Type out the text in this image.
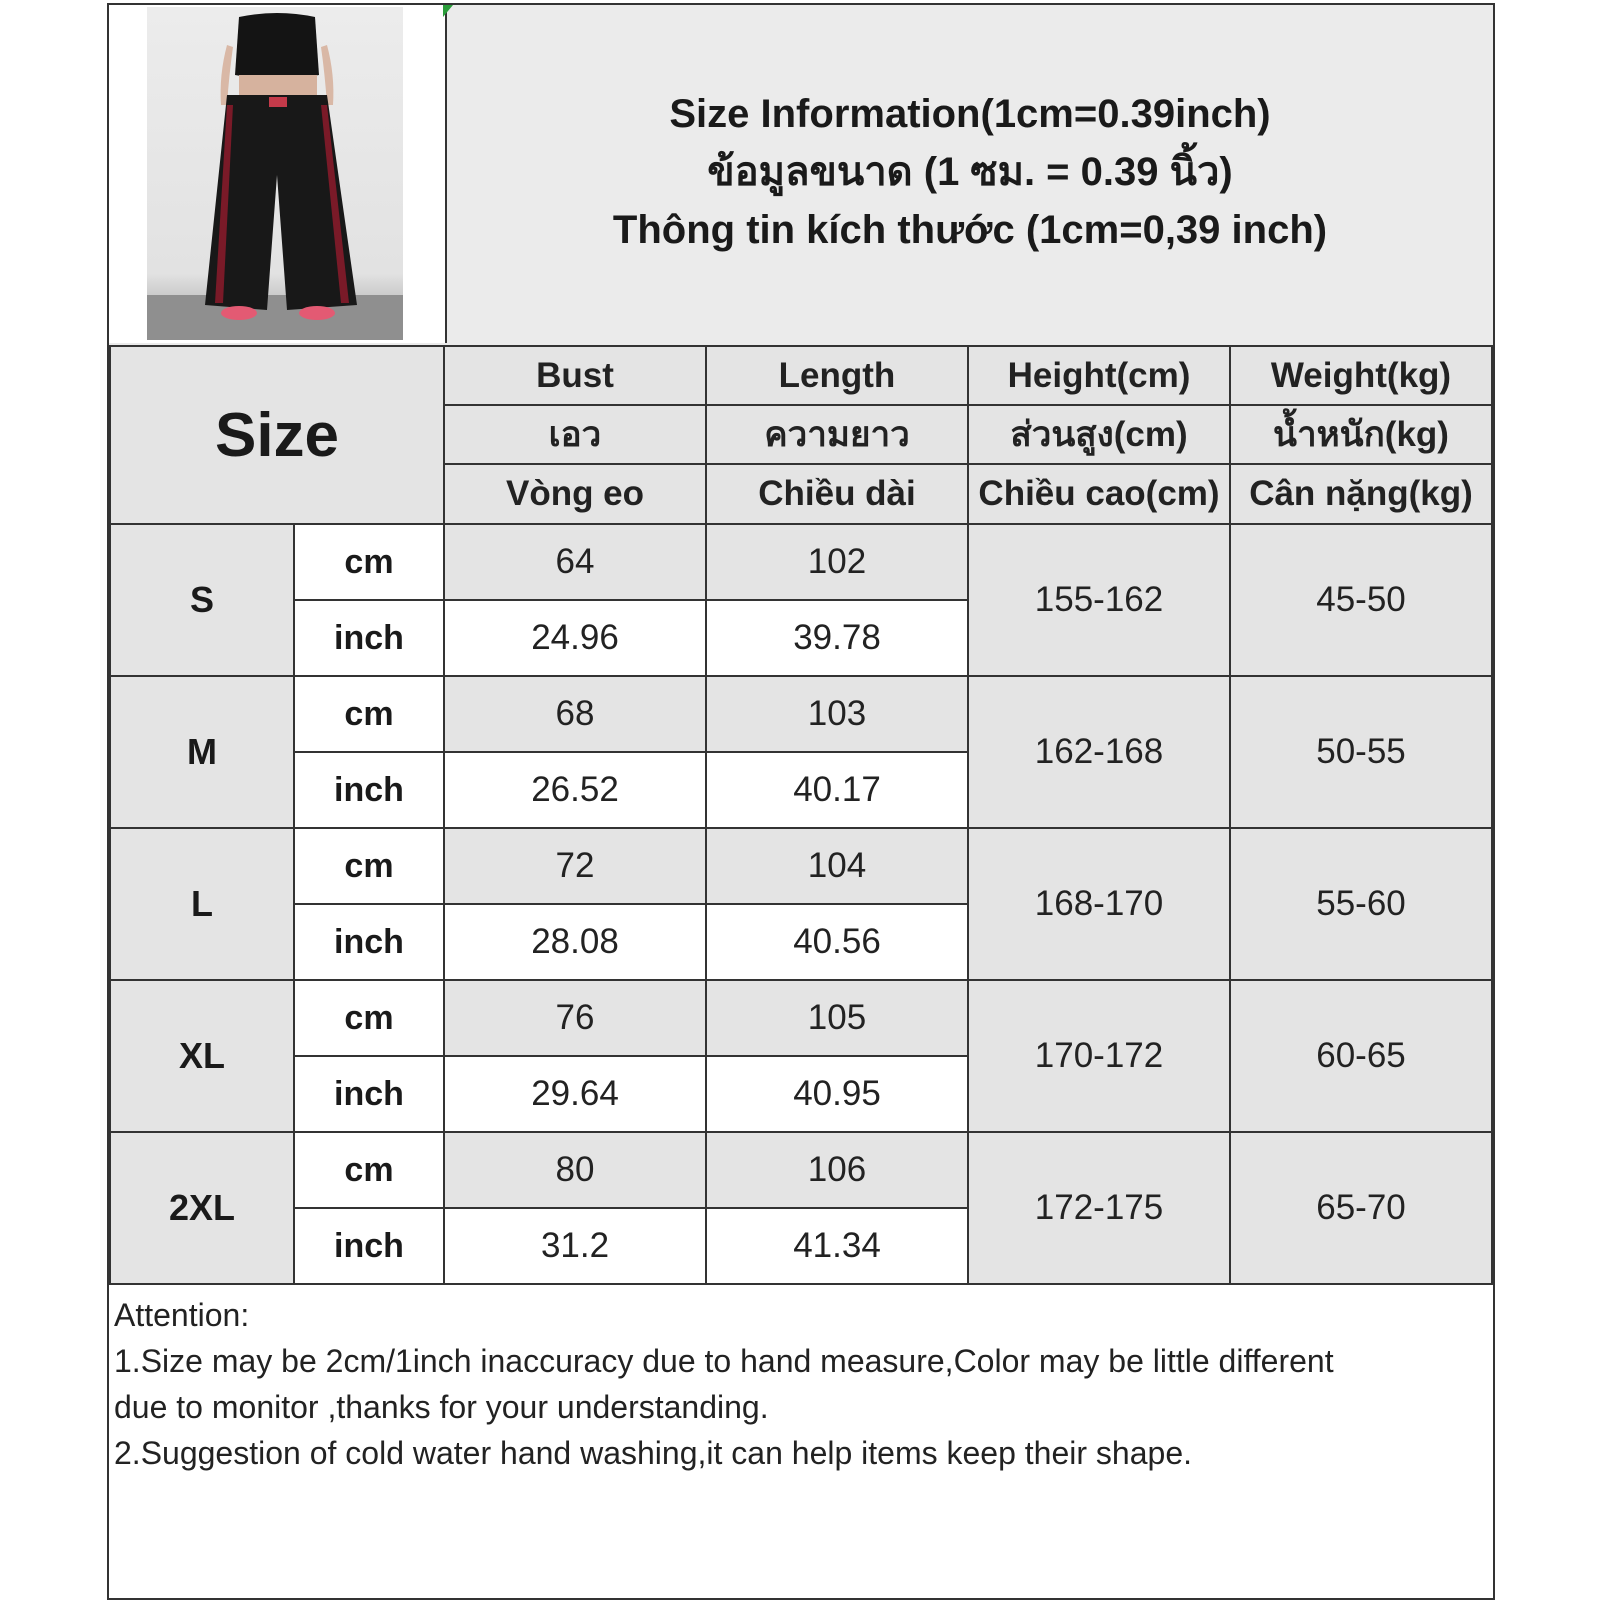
Size Information(1cm=0.39inch)
ข้อมูลขนาด (1 ซม. = 0.39 นิ้ว)
Thông tin kích thước (1cm=0,39 inch)
Size		Bust	Length	Height(cm)	Weight(kg)
		เอว	ความยาว	ส่วนสูง(cm)	น้ำหนัก(kg)
		Vòng eo	Chiều dài	Chiều cao(cm)	Cân nặng(kg)
S	cm	64	102	155-162	45-50
	inch	24.96	39.78		
M	cm	68	103	162-168	50-55
	inch	26.52	40.17		
L	cm	72	104	168-170	55-60
	inch	28.08	40.56		
XL	cm	76	105	170-172	60-65
	inch	29.64	40.95		
2XL	cm	80	106	172-175	65-70
	inch	31.2	41.34		
Attention:
1.Size may be 2cm/1inch inaccuracy due to hand measure,Color may be little different
due to monitor ,thanks for your understanding.
2.Suggestion of cold water hand washing,it can help items keep their shape.
